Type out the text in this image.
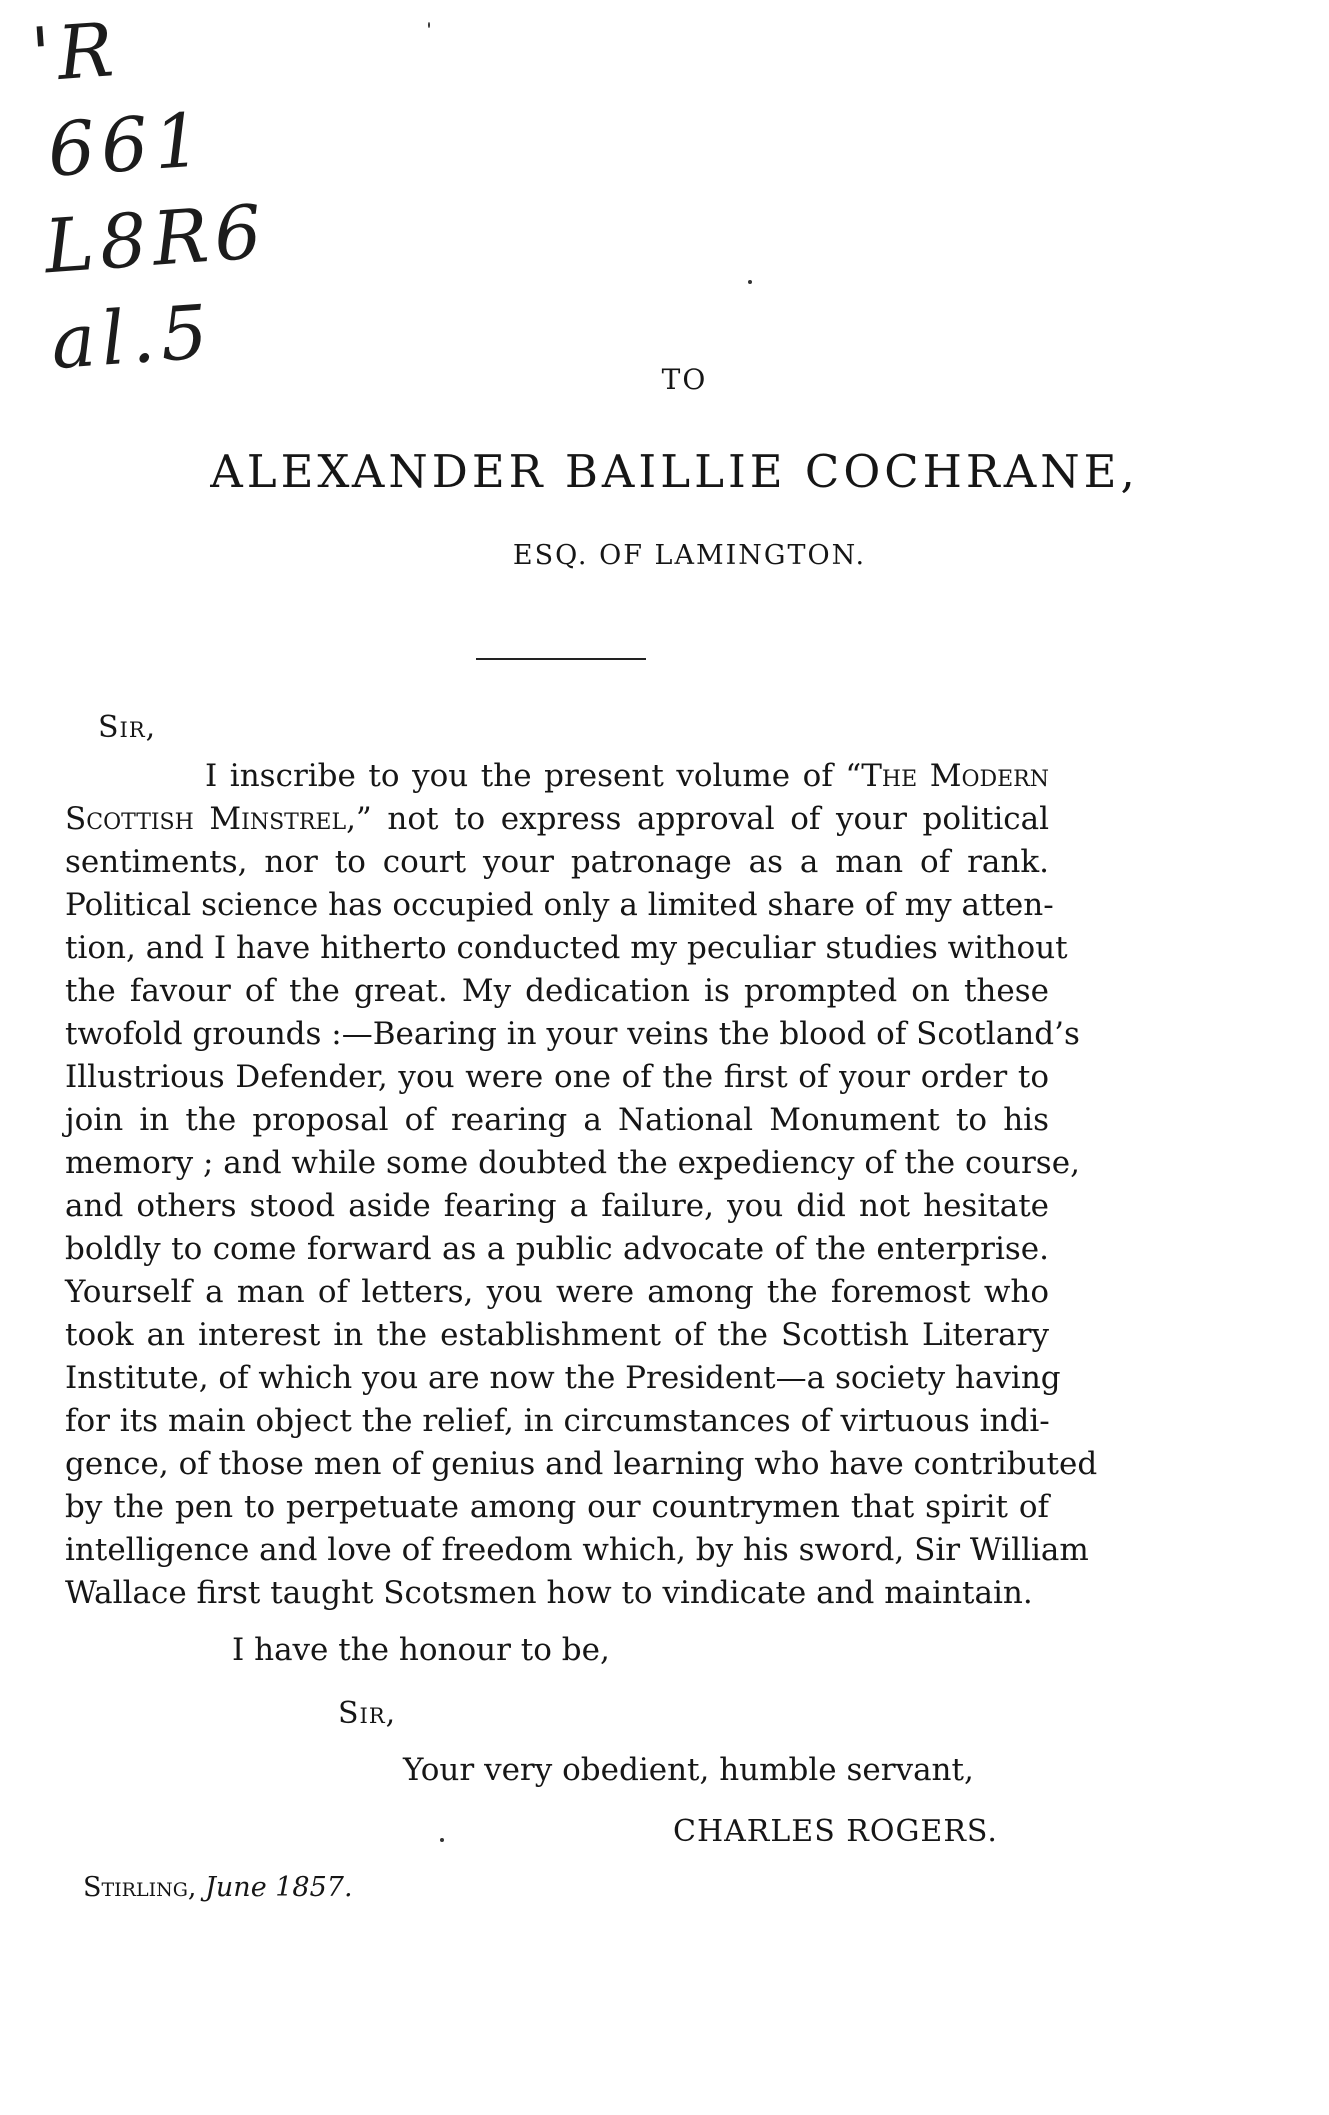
'R
661
L8R6
al.5	TO
ALEXANDER BAILLIE COCHRANE,
ESQ. OF LAMINGTON.
Sir,
I inscribe to you the present volume of “The Modern
Scottish Minstrel,” not to express approval of your political
sentiments, nor to court your patronage as a man of rank.
Political science has occupied only a limited share of my atten-
tion, and I have hitherto conducted my peculiar studies without
the favour of the great. My dedication is prompted on these
twofold grounds :—Bearing in your veins the blood of Scotland’s
Illustrious Defender, you were one of the first of your order to
join in the proposal of rearing a National Monument to his
memory ; and while some doubted the expediency of the course,
and others stood aside fearing a failure, you did not hesitate
boldly to come forward as a public advocate of the enterprise.
Yourself a man of letters, you were among the foremost who
took an interest in the establishment of the Scottish Literary
Institute, of which you are now the President—a society having
for its main object the relief, in circumstances of virtuous indi-
gence, of those men of genius and learning who have contributed
by the pen to perpetuate among our countrymen that spirit of
intelligence and love of freedom which, by his sword, Sir William
Wallace first taught Scotsmen how to vindicate and maintain.
I have the honour to be,
Sir,
Your very obedient, humble servant,
CHARLES ROGERS.
Stirling, June 1857.
